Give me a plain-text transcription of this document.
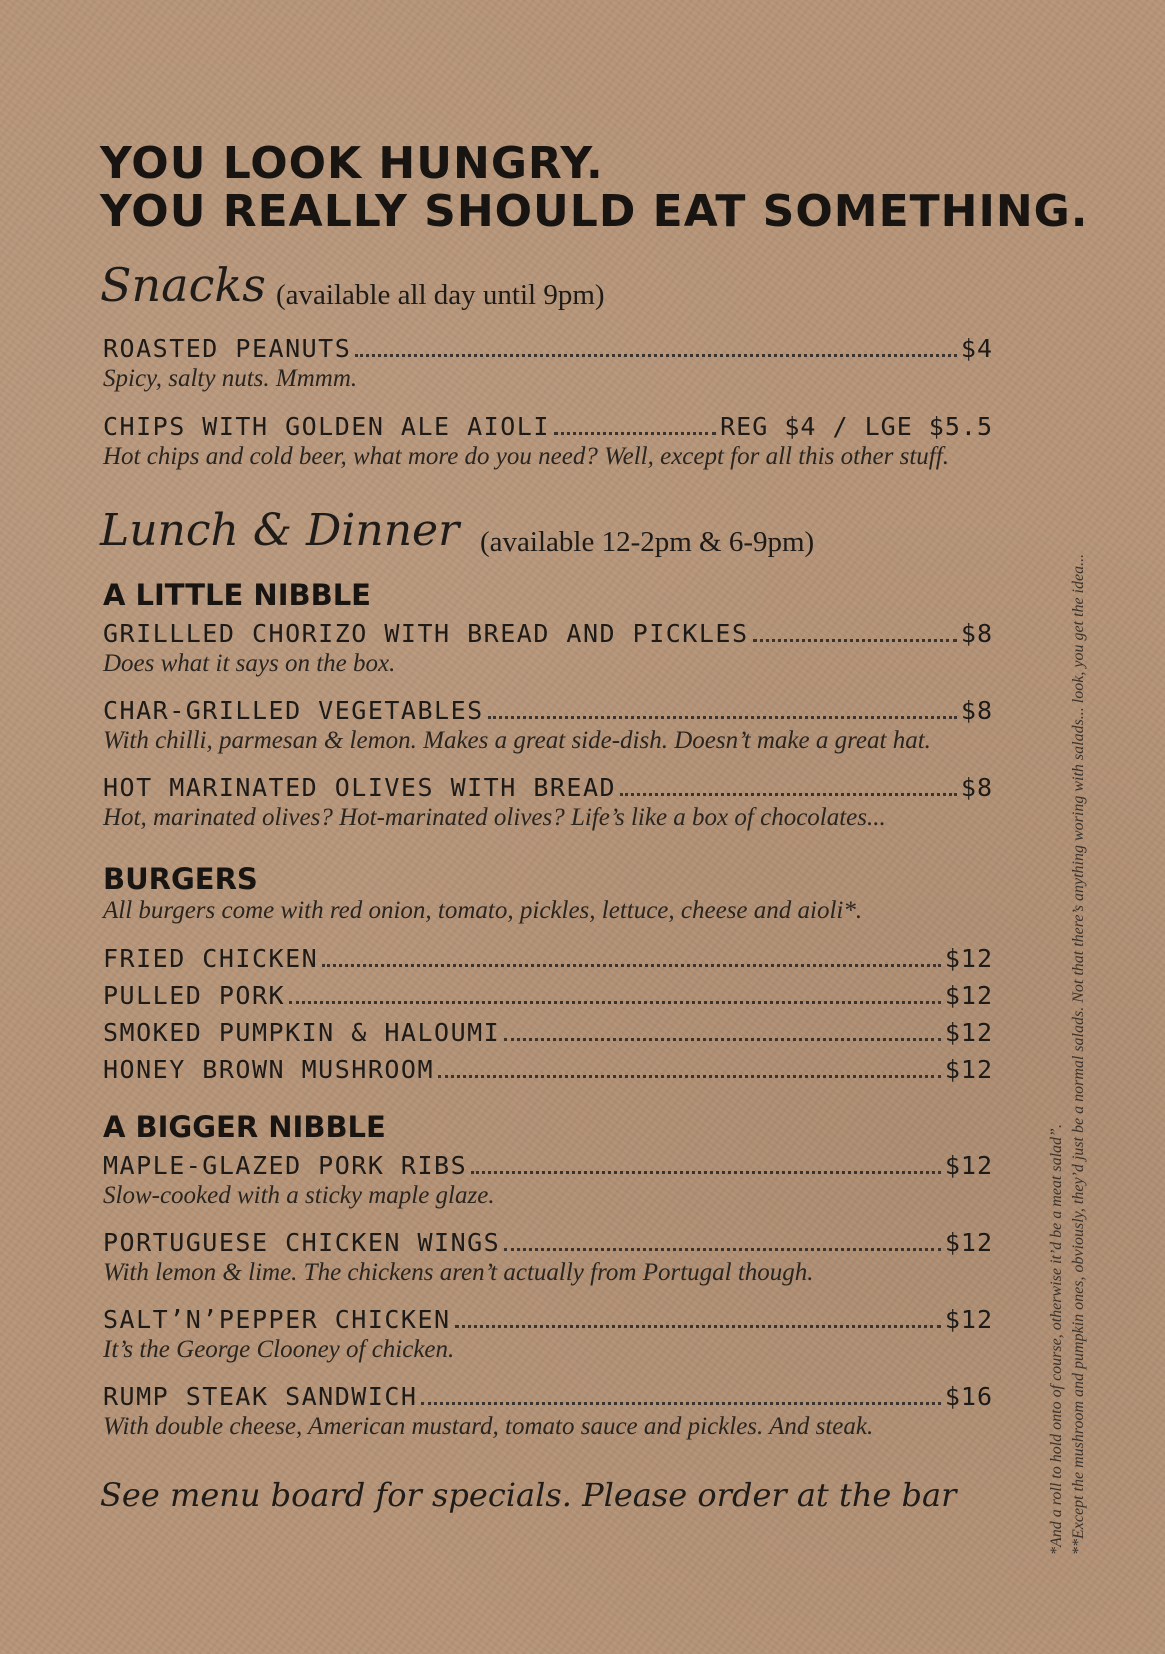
YOU LOOK HUNGRY.
YOU REALLY SHOULD EAT SOMETHING.
Snacks (available all day until 9pm)
ROASTED PEANUTS	$4
Spicy, salty nuts. Mmmm.
CHIPS WITH GOLDEN ALE AIOLI	REG $4 / LGE $5.5
Hot chips and cold beer, what more do you need? Well, except for all this other stuff.
Lunch & Dinner (available 12-2pm & 6-9pm)
A LITTLE NIBBLE
GRILLLED CHORIZO WITH BREAD AND PICKLES	$8
Does what it says on the box.
CHAR-GRILLED VEGETABLES	$8
With chilli, parmesan & lemon. Makes a great side-dish. Doesn’t make a great hat.
HOT MARINATED OLIVES WITH BREAD	$8
Hot, marinated olives? Hot-marinated olives? Life’s like a box of chocolates...
BURGERS
All burgers come with red onion, tomato, pickles, lettuce, cheese and aioli*.
FRIED CHICKEN	$12
PULLED PORK	$12
SMOKED PUMPKIN & HALOUMI	$12
HONEY BROWN MUSHROOM	$12
A BIGGER NIBBLE
MAPLE-GLAZED PORK RIBS	$12
Slow-cooked with a sticky maple glaze.
PORTUGUESE CHICKEN WINGS	$12
With lemon & lime. The chickens aren’t actually from Portugal though.
SALT’N’PEPPER CHICKEN	$12
It’s the George Clooney of chicken.
RUMP STEAK SANDWICH	$16
With double cheese, American mustard, tomato sauce and pickles. And steak.
See menu board for specials. Please order at the bar	*And a roll to hold onto of course, otherwise it’d be a meat salad”. **Except the mushroom and pumpkin ones, obviously, they’d just be a normal salads. Not that there’s anything woring with salads... look, you get the idea...
